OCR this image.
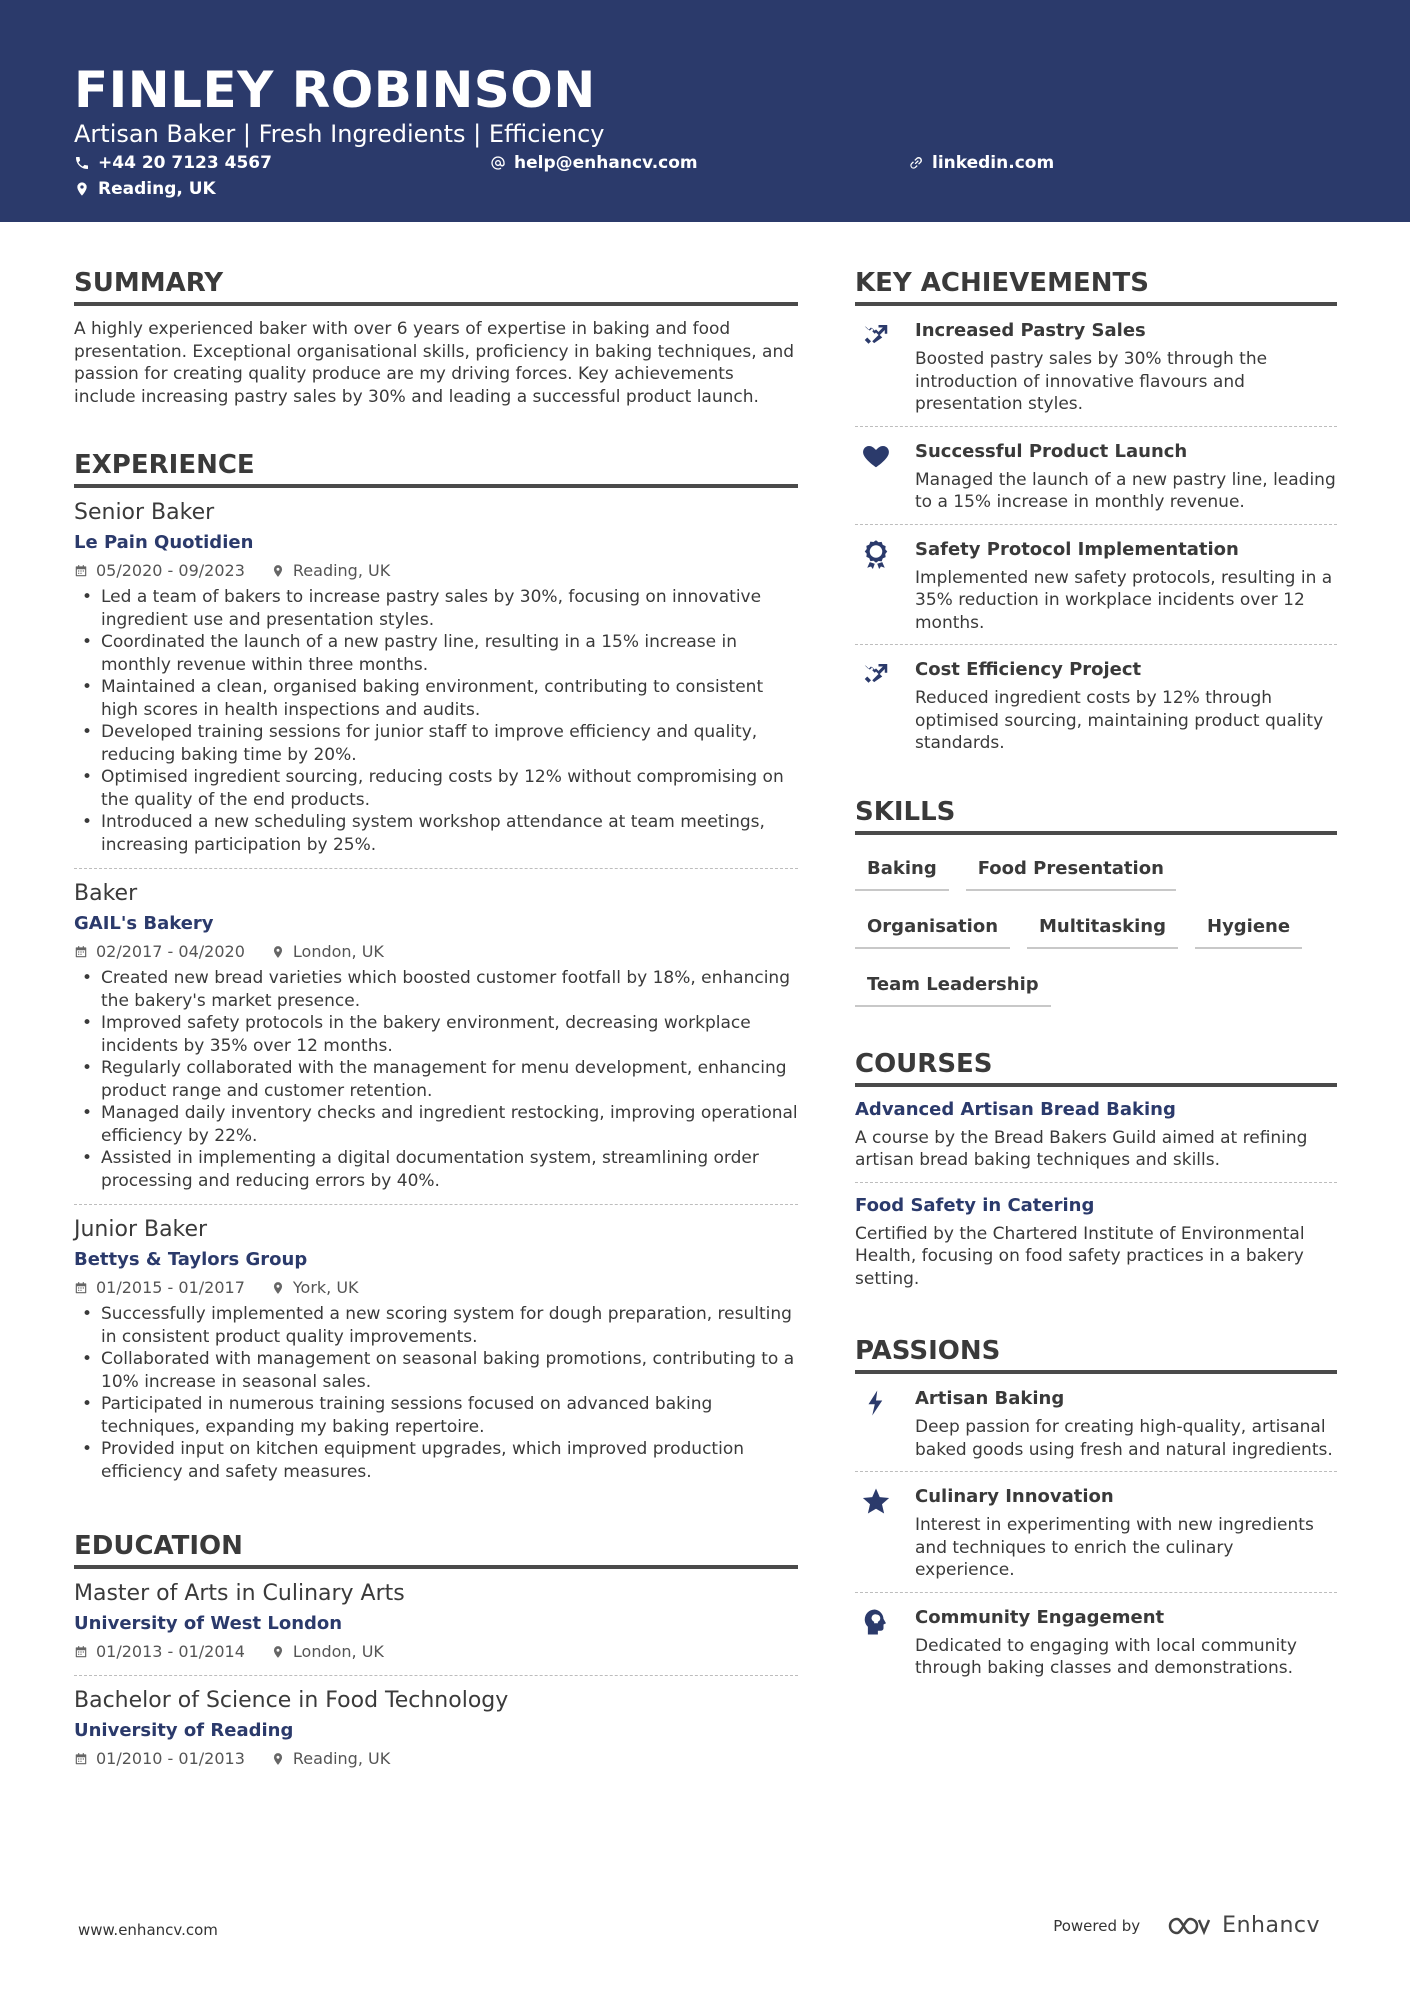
FINLEY ROBINSON
Artisan Baker | Fresh Ingredients | Efficiency
+44 20 7123 4567	help@enhancv.com	linkedin.com
Reading, UK
SUMMARY
A highly experienced baker with over 6 years of expertise in baking and food presentation. Exceptional organisational skills, proficiency in baking techniques, and passion for creating quality produce are my driving forces. Key achievements include increasing pastry sales by 30% and leading a successful product launch.
EXPERIENCE
Senior Baker
Le Pain Quotidien
05/2020 - 09/2023	Reading, UK
• Led a team of bakers to increase pastry sales by 30%, focusing on innovative ingredient use and presentation styles.
• Coordinated the launch of a new pastry line, resulting in a 15% increase in monthly revenue within three months.
• Maintained a clean, organised baking environment, contributing to consistent high scores in health inspections and audits.
• Developed training sessions for junior staff to improve efficiency and quality, reducing baking time by 20%.
• Optimised ingredient sourcing, reducing costs by 12% without compromising on the quality of the end products.
• Introduced a new scheduling system workshop attendance at team meetings, increasing participation by 25%.
Baker
GAIL's Bakery
02/2017 - 04/2020	London, UK
• Created new bread varieties which boosted customer footfall by 18%, enhancing the bakery's market presence.
• Improved safety protocols in the bakery environment, decreasing workplace incidents by 35% over 12 months.
• Regularly collaborated with the management for menu development, enhancing product range and customer retention.
• Managed daily inventory checks and ingredient restocking, improving operational efficiency by 22%.
• Assisted in implementing a digital documentation system, streamlining order processing and reducing errors by 40%.
Junior Baker
Bettys & Taylors Group
01/2015 - 01/2017	York, UK
• Successfully implemented a new scoring system for dough preparation, resulting in consistent product quality improvements.
• Collaborated with management on seasonal baking promotions, contributing to a 10% increase in seasonal sales.
• Participated in numerous training sessions focused on advanced baking techniques, expanding my baking repertoire.
• Provided input on kitchen equipment upgrades, which improved production efficiency and safety measures.
EDUCATION
Master of Arts in Culinary Arts
University of West London
01/2013 - 01/2014	London, UK
Bachelor of Science in Food Technology
University of Reading
01/2010 - 01/2013	Reading, UK
KEY ACHIEVEMENTS
Increased Pastry Sales
Boosted pastry sales by 30% through the introduction of innovative flavours and presentation styles.
Successful Product Launch
Managed the launch of a new pastry line, leading to a 15% increase in monthly revenue.
Safety Protocol Implementation
Implemented new safety protocols, resulting in a 35% reduction in workplace incidents over 12 months.
Cost Efficiency Project
Reduced ingredient costs by 12% through optimised sourcing, maintaining product quality standards.
SKILLS
Baking	Food Presentation
Organisation	Multitasking	Hygiene
Team Leadership
COURSES
Advanced Artisan Bread Baking
A course by the Bread Bakers Guild aimed at refining artisan bread baking techniques and skills.
Food Safety in Catering
Certified by the Chartered Institute of Environmental Health, focusing on food safety practices in a bakery setting.
PASSIONS
Artisan Baking
Deep passion for creating high-quality, artisanal baked goods using fresh and natural ingredients.
Culinary Innovation
Interest in experimenting with new ingredients and techniques to enrich the culinary experience.
Community Engagement
Dedicated to engaging with local community through baking classes and demonstrations.
www.enhancv.com	Powered by	Enhancv
